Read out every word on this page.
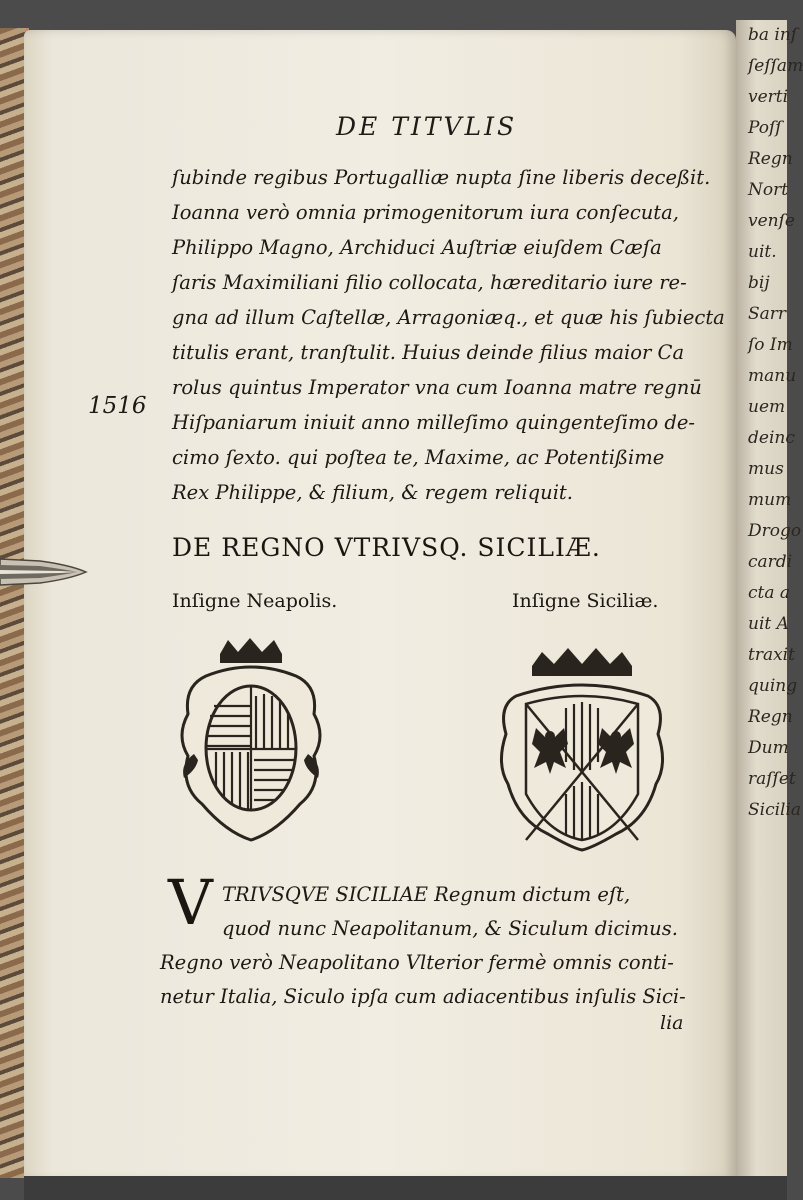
ba inſ
ſeſſam
verti
Poſſ
Regn
Nort
venſe
uit.
bij
Sarr
ſo Im
manu
uem
deinc
mus
mum
Drogo
cardi
cta a
uit A
traxit
quing
Regn
Dum
raſſet
Sicilia
DE TITVLIS
1516
ſubinde regibus Portugalliæ nupta ſine liberis deceßit.
Ioanna verò omnia primogenitorum iura conſecuta,
Philippo Magno, Archiduci Auſtriæ eiuſdem Cæſa
ſaris Maximiliani filio collocata, hæreditario iure re-
gna ad illum Caſtellæ, Arragoniæq., et quæ his ſubiecta
titulis erant, tranſtulit. Huius deinde filius maior Ca
rolus quintus Imperator vna cum Ioanna matre regnū
Hiſpaniarum iniuit anno milleſimo quingenteſimo de-
cimo ſexto. qui poſtea te, Maxime, ac Potentißime
Rex Philippe, & filium, & regem reliquit.
DE REGNO VTRIVSQ. SICILIÆ.
Inſigne Neapolis.	Inſigne Siciliæ.
V TRIVSQVE SICILIAE Regnum dictum eſt,
quod nunc Neapolitanum, & Siculum dicimus.
Regno verò Neapolitano Vlterior fermè omnis conti-
netur Italia, Siculo ipſa cum adiacentibus inſulis Sici-
lia
